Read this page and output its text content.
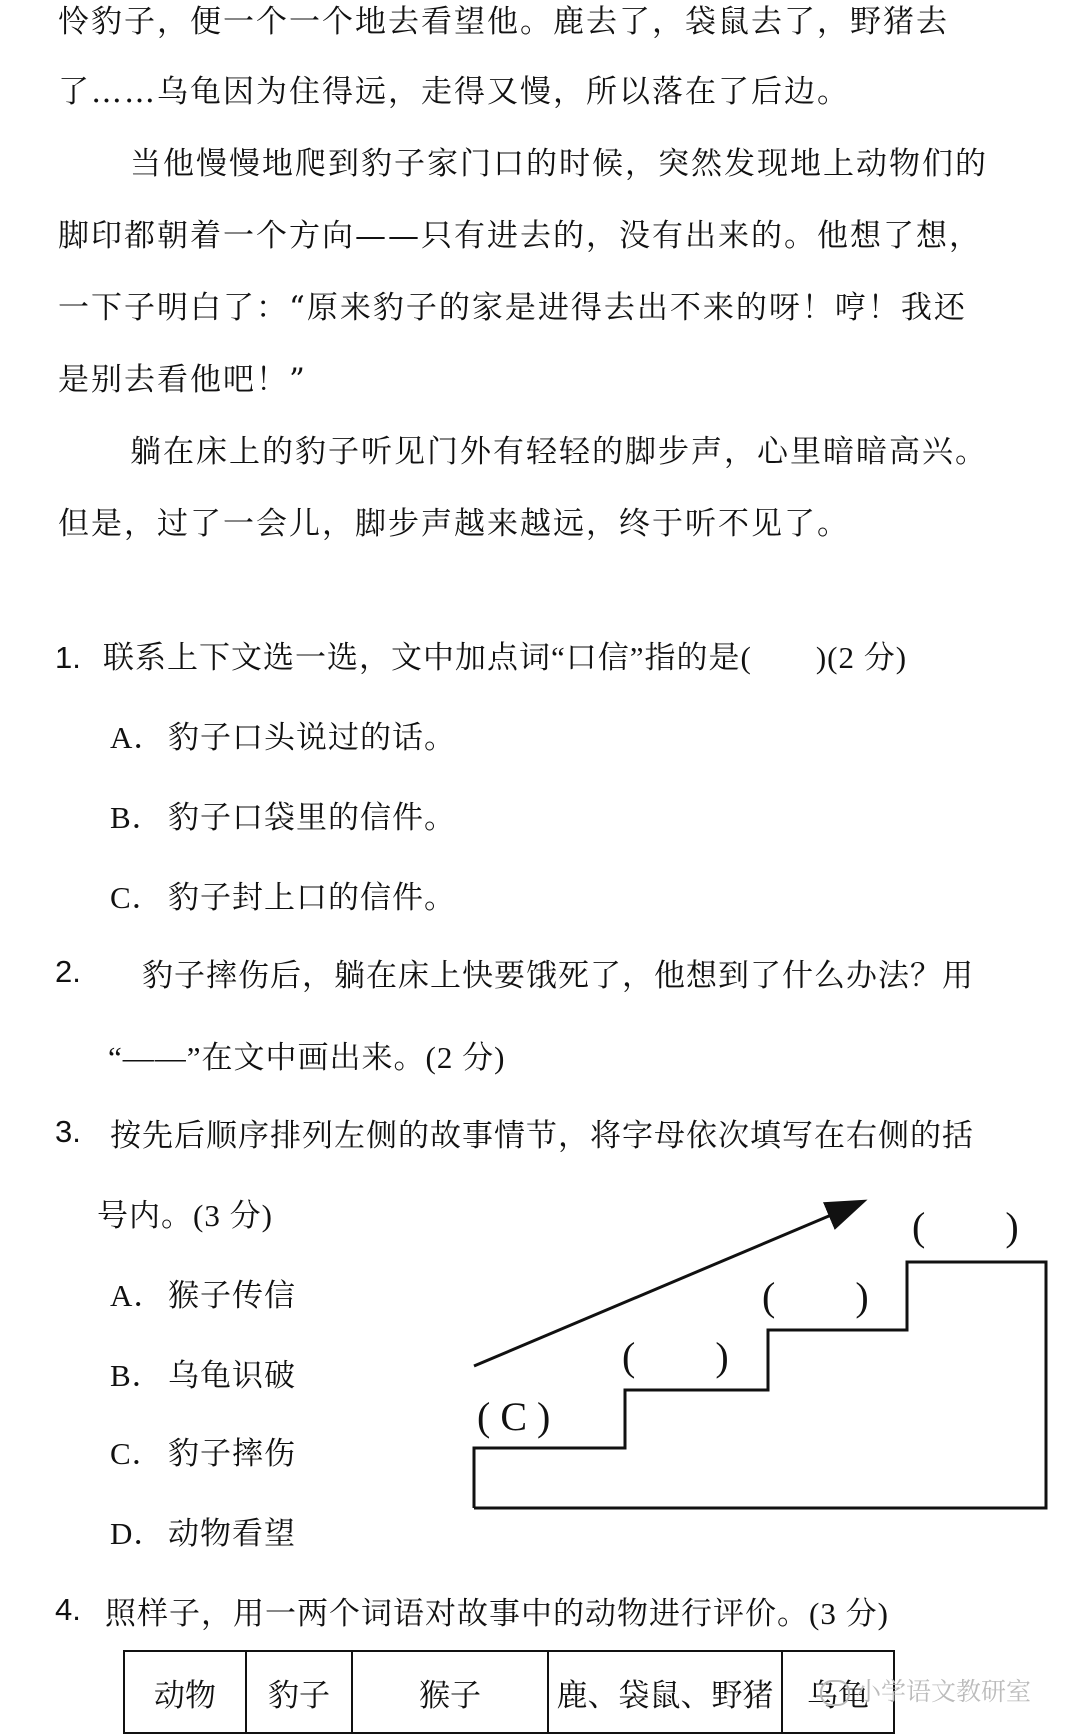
怜豹子，便一个一个地去看望他。鹿去了，袋鼠去了，野猪去
了……乌龟因为住得远，走得又慢，所以落在了后边。
当他慢慢地爬到豹子家门口的时候，突然发现地上动物们的
脚印都朝着一个方向——只有进去的，没有出来的。他想了想，
一下子明白了：“原来豹子的家是进得去出不来的呀！哼！我还
是别去看他吧！”
躺在床上的豹子听见门外有轻轻的脚步声，心里暗暗高兴。
但是，过了一会儿，脚步声越来越远，终于听不见了。
1. 联系上下文选一选，文中加点词“口信”指的是(　　)(2 分)
A．豹子口头说过的话。
B． 豹子口袋里的信件。
C． 豹子封上口的信件。
2. 豹子摔伤后，躺在床上快要饿死了，他想到了什么办法？用
“——”在文中画出来。(2 分)
3. 按先后顺序排列左侧的故事情节，将字母依次填写在右侧的括
号内。(3 分)
A．猴子传信
B． 乌龟识破
C． 豹子摔伤
D．动物看望
( C )
(　　)
(　　)
(　　)
4. 照样子，用一两个词语对故事中的动物进行评价。(3 分)
动物	豹子	猴子	鹿、袋鼠、野猪	乌龟
小学语文教研室
